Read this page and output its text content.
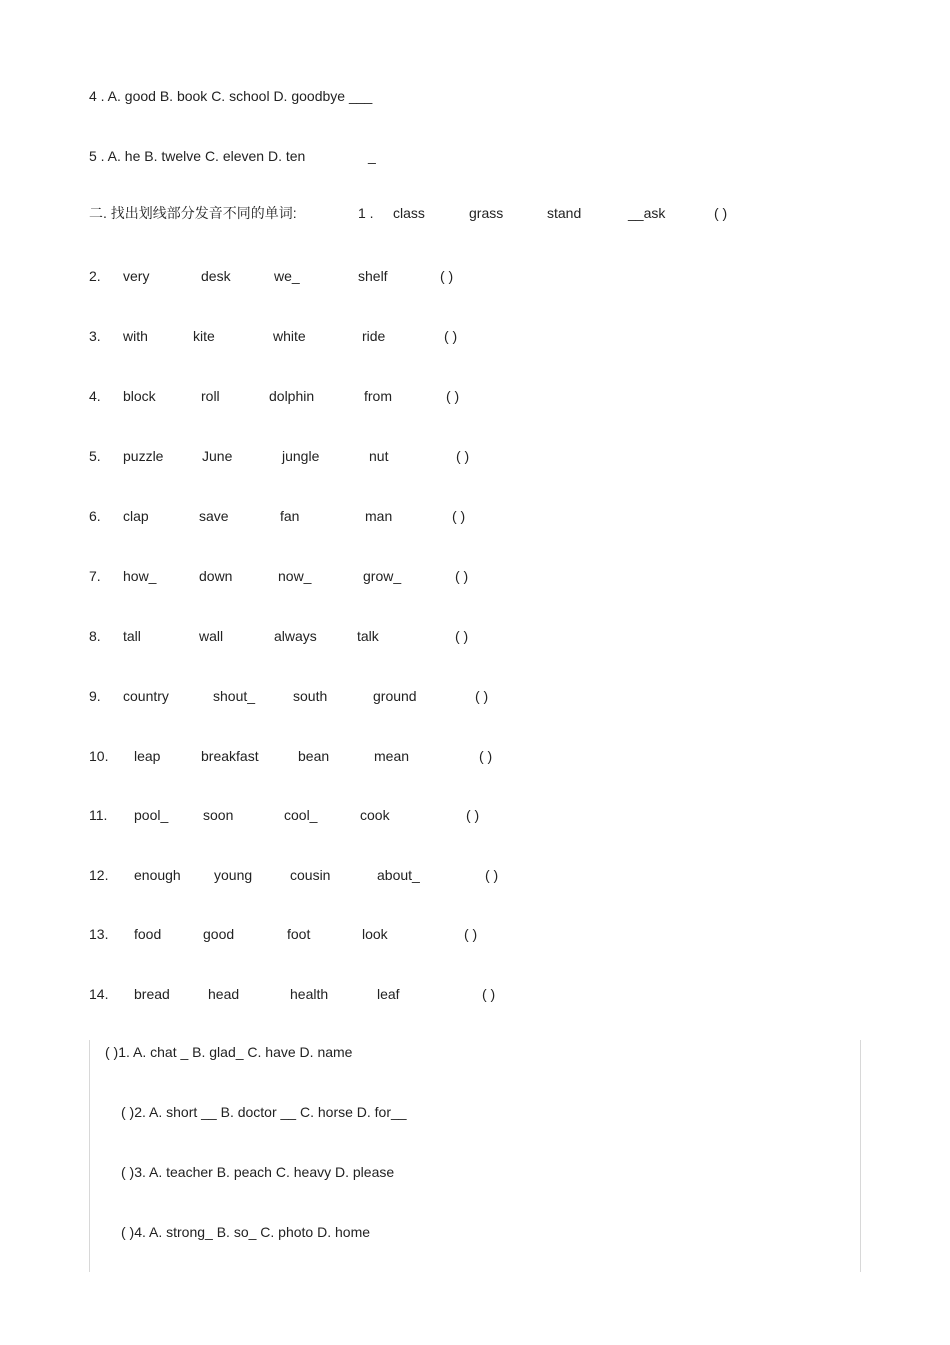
4 . A. good B. book C. school D. goodbye ___
5 . A. he B. twelve C. eleven D. ten	_
二. 找出划线部分发音不同的单词:	1 . class	grass	stand	__ask	( )
2. very	desk	we_	shelf	( )
3. with	kite	white	ride	( )
4. block	roll	dolphin	from	( )
5. puzzle	June	jungle	nut	( )
6. clap	save	fan	man	( )
7. how_	down	now_	grow_	( )
8. tall	wall	always	talk	( )
9. country	shout_	south	ground	( )
10. leap	breakfast	bean	mean	( )
11. pool_ soon	cool_	cook	( )
12. enough young	cousin	about_	( )
13. food	good	foot	look	( )
14. bread	head	health	leaf	( )
( )1. A. chat _ B. glad_ C. have D. name
( )2. A. short __ B. doctor __ C. horse D. for__
( )3. A. teacher B. peach C. heavy D. please
( )4. A. strong_ B. so_ C. photo D. home
